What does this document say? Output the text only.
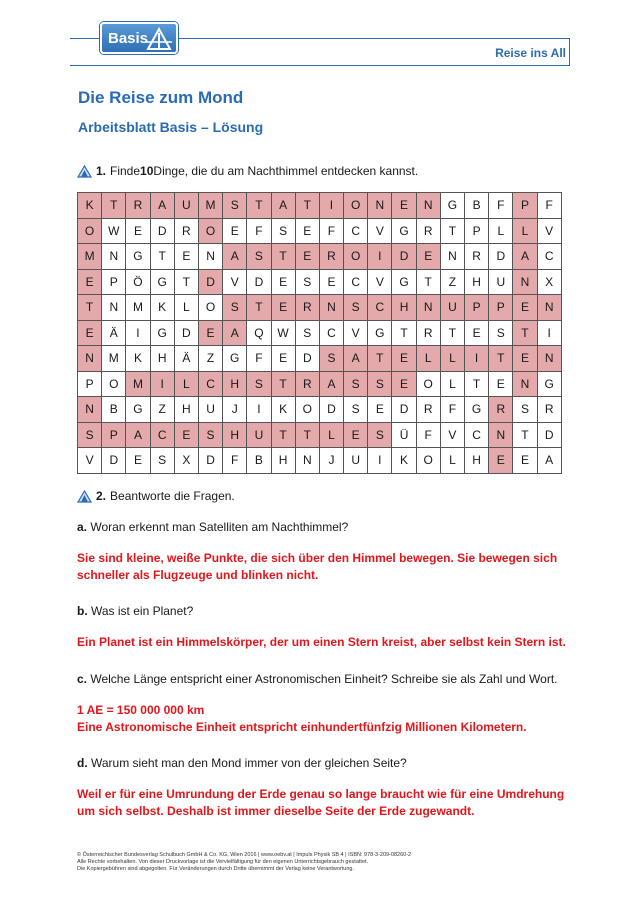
Basis
Reise ins All
Die Reise zum Mond
Arbeitsblatt Basis – Lösung
1. Finde 10 Dinge, die du am Nachthimmel entdecken kannst.
K	T	R	A	U	M	S	T	A	T	I	O	N	E	N	G	B	F	P	F
O	W	E	D	R	O	E	F	S	E	F	C	V	G	R	T	P	L	L	V
M	N	G	T	E	N	A	S	T	E	R	O	I	D	E	N	R	D	A	C
E	P	Ö	G	T	D	V	D	E	S	E	C	V	G	T	Z	H	U	N	X
T	N	M	K	L	O	S	T	E	R	N	S	C	H	N	U	P	P	E	N
E	Ä	I	G	D	E	A	Q	W	S	C	V	G	T	R	T	E	S	T	I
N	M	K	H	Ä	Z	G	F	E	D	S	A	T	E	L	L	I	T	E	N
P	O	M	I	L	C	H	S	T	R	A	S	S	E	O	L	T	E	N	G
N	B	G	Z	H	U	J	I	K	O	D	S	E	D	R	F	G	R	S	R
S	P	A	C	E	S	H	U	T	T	L	E	S	Ü	F	V	C	N	T	D
V	D	E	S	X	D	F	B	H	N	J	U	I	K	O	L	H	E	E	A
2. Beantworte die Fragen.
a. Woran erkennt man Satelliten am Nachthimmel?
Sie sind kleine, weiße Punkte, die sich über den Himmel bewegen. Sie bewegen sich
schneller als Flugzeuge und blinken nicht.
b. Was ist ein Planet?
Ein Planet ist ein Himmelskörper, der um einen Stern kreist, aber selbst kein Stern ist.
c. Welche Länge entspricht einer Astronomischen Einheit? Schreibe sie als Zahl und Wort.
1 AE = 150 000 000 km
Eine Astronomische Einheit entspricht einhundertfünfzig Millionen Kilometern.
d. Warum sieht man den Mond immer von der gleichen Seite?
Weil er für eine Umrundung der Erde genau so lange braucht wie für eine Umdrehung
um sich selbst. Deshalb ist immer dieselbe Seite der Erde zugewandt.
© Österreichischer Bundesverlag Schulbuch GmbH & Co. KG, Wien 2016 | www.oebv.at | Impuls Physik SB 4 | ISBN: 978-3-209-08260-2
Alle Rechte vorbehalten. Von dieser Druckvorlage ist die Vervielfältigung für den eigenen Unterrichtsgebrauch gestattet.
Die Kopiergebühren sind abgegolten. Für Veränderungen durch Dritte übernimmt der Verlag keine Verantwortung.
